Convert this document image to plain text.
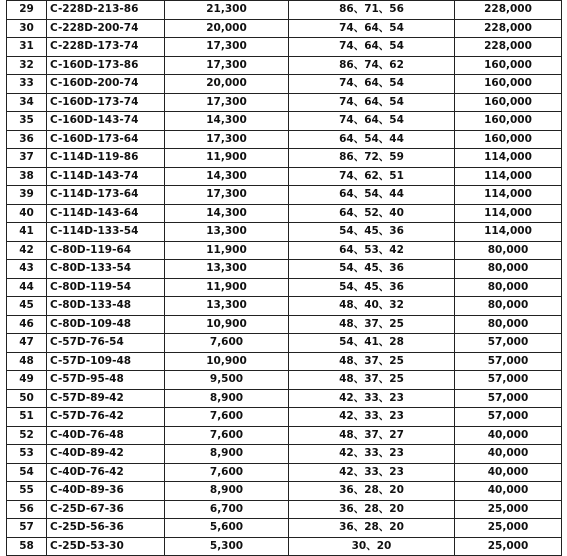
29	C-228D-213-86	21,300	86、71、56	228,000
30	C-228D-200-74	20,000	74、64、54	228,000
31	C-228D-173-74	17,300	74、64、54	228,000
32	C-160D-173-86	17,300	86、74、62	160,000
33	C-160D-200-74	20,000	74、64、54	160,000
34	C-160D-173-74	17,300	74、64、54	160,000
35	C-160D-143-74	14,300	74、64、54	160,000
36	C-160D-173-64	17,300	64、54、44	160,000
37	C-114D-119-86	11,900	86、72、59	114,000
38	C-114D-143-74	14,300	74、62、51	114,000
39	C-114D-173-64	17,300	64、54、44	114,000
40	C-114D-143-64	14,300	64、52、40	114,000
41	C-114D-133-54	13,300	54、45、36	114,000
42	C-80D-119-64	11,900	64、53、42	80,000
43	C-80D-133-54	13,300	54、45、36	80,000
44	C-80D-119-54	11,900	54、45、36	80,000
45	C-80D-133-48	13,300	48、40、32	80,000
46	C-80D-109-48	10,900	48、37、25	80,000
47	C-57D-76-54	7,600	54、41、28	57,000
48	C-57D-109-48	10,900	48、37、25	57,000
49	C-57D-95-48	9,500	48、37、25	57,000
50	C-57D-89-42	8,900	42、33、23	57,000
51	C-57D-76-42	7,600	42、33、23	57,000
52	C-40D-76-48	7,600	48、37、27	40,000
53	C-40D-89-42	8,900	42、33、23	40,000
54	C-40D-76-42	7,600	42、33、23	40,000
55	C-40D-89-36	8,900	36、28、20	40,000
56	C-25D-67-36	6,700	36、28、20	25,000
57	C-25D-56-36	5,600	36、28、20	25,000
58	C-25D-53-30	5,300	30、20	25,000
